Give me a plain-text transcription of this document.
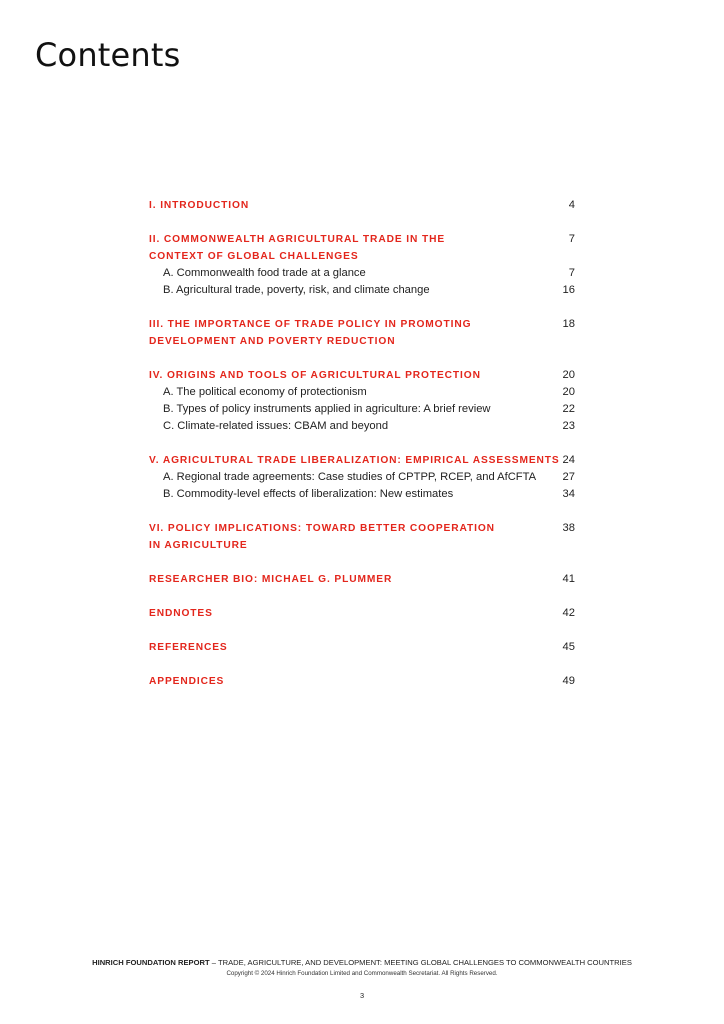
Contents
I. INTRODUCTION	4
II. COMMONWEALTH AGRICULTURAL TRADE IN THE	7
CONTEXT OF GLOBAL CHALLENGES
A. Commonwealth food trade at a glance	7
B. Agricultural trade, poverty, risk, and climate change	16
III. THE IMPORTANCE OF TRADE POLICY IN PROMOTING	18
DEVELOPMENT AND POVERTY REDUCTION
IV. ORIGINS AND TOOLS OF AGRICULTURAL PROTECTION	20
A. The political economy of protectionism	20
B. Types of policy instruments applied in agriculture: A brief review	22
C. Climate-related issues: CBAM and beyond	23
V. AGRICULTURAL TRADE LIBERALIZATION: EMPIRICAL ASSESSMENTS 24
A. Regional trade agreements: Case studies of CPTPP, RCEP, and AfCFTA 27
B. Commodity-level effects of liberalization: New estimates	34
VI. POLICY IMPLICATIONS: TOWARD BETTER COOPERATION	38
IN AGRICULTURE
RESEARCHER BIO: MICHAEL G. PLUMMER	41
ENDNOTES	42
REFERENCES	45
APPENDICES	49
HINRICH FOUNDATION REPORT – TRADE, AGRICULTURE, AND DEVELOPMENT: MEETING GLOBAL CHALLENGES TO COMMONWEALTH COUNTRIES
Copyright © 2024 Hinrich Foundation Limited and Commonwealth Secretariat. All Rights Reserved.
3
